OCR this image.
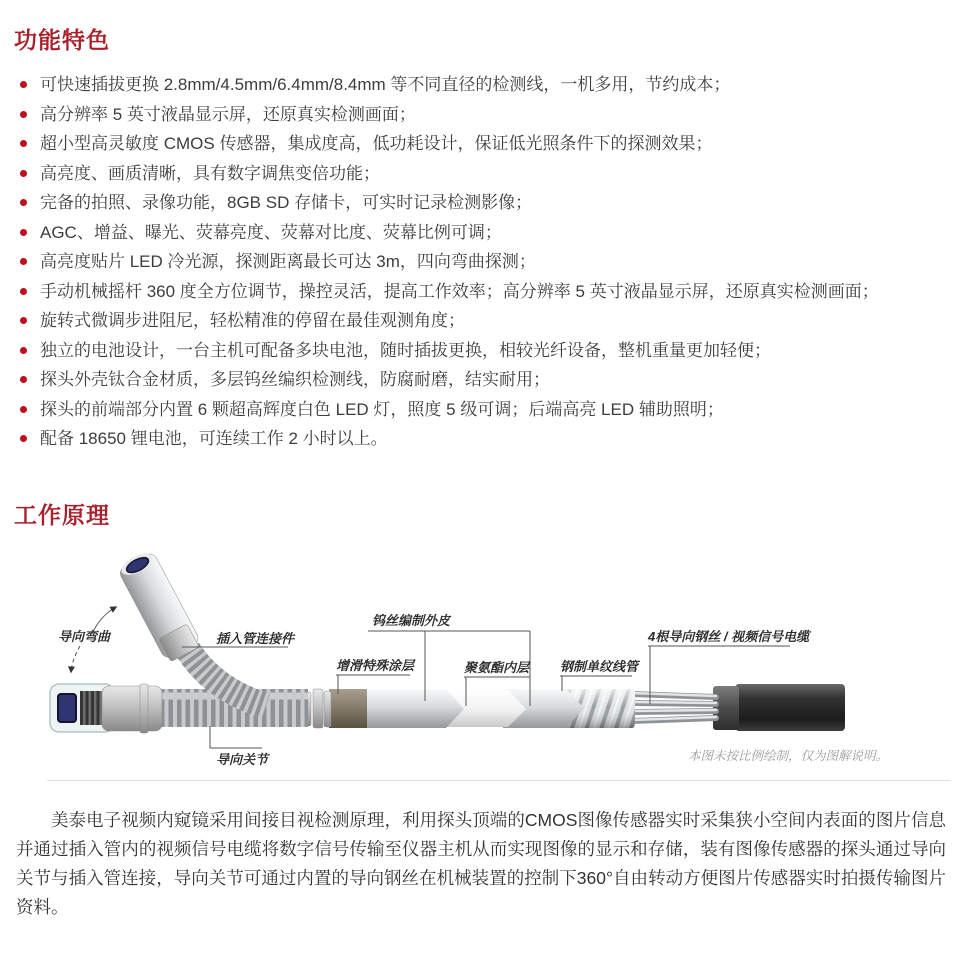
功能特色
可快速插拔更换 2.8mm/4.5mm/6.4mm/8.4mm 等不同直径的检测线，一机多用，节约成本；
高分辨率 5 英寸液晶显示屏，还原真实检测画面；
超小型高灵敏度 CMOS 传感器，集成度高，低功耗设计，保证低光照条件下的探测效果；
高亮度、画质清晰，具有数字调焦变倍功能；
完备的拍照、录像功能，8GB SD 存储卡，可实时记录检测影像；
AGC、增益、曝光、荧幕亮度、荧幕对比度、荧幕比例可调；
高亮度贴片 LED 冷光源，探测距离最长可达 3m，四向弯曲探测；
手动机械摇杆 360 度全方位调节，操控灵活，提高工作效率；高分辨率 5 英寸液晶显示屏，还原真实检测画面；
旋转式微调步进阻尼，轻松精准的停留在最佳观测角度；
独立的电池设计，一台主机可配备多块电池，随时插拔更换，相较光纤设备，整机重量更加轻便；
探头外壳钛合金材质，多层钨丝编织检测线，防腐耐磨，结实耐用；
探头的前端部分内置 6 颗超高辉度白色 LED 灯，照度 5 级可调；后端高亮 LED 辅助照明；
配备 18650 锂电池，可连续工作 2 小时以上。
工作原理
导向弯曲	插入管连接件
钨丝编制外皮
增滑特殊涂层	聚氨酯内层 钢制单纹线管
4根导向钢丝 / 视频信号电缆
导向关节	本图未按比例绘制，仅为图解说明。

美泰电子视频内窥镜采用间接目视检测原理，利用探头顶端的CMOS图像传感器实时采集狭小空间内表面的图片信息并通过插入管内的视频信号电缆将数字信号传输至仪器主机从而实现图像的显示和存储，装有图像传感器的探头通过导向关节与插入管连接，导向关节可通过内置的导向钢丝在机械装置的控制下360°自由转动方便图片传感器实时拍摄传输图片资料。
